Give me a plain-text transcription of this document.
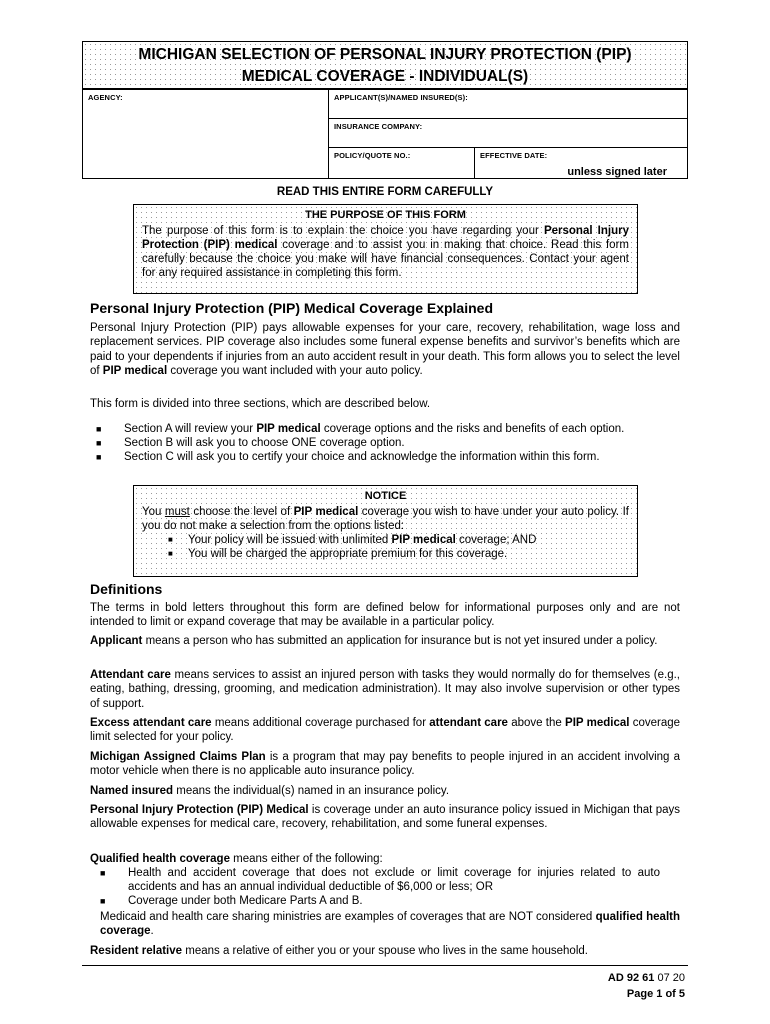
MICHIGAN SELECTION OF PERSONAL INJURY PROTECTION (PIP)
MEDICAL COVERAGE - INDIVIDUAL(S)
AGENCY:	APPLICANT(S)/NAMED INSURED(S):
INSURANCE COMPANY:
POLICY/QUOTE NO.:	EFFECTIVE DATE:
unless signed later
READ THIS ENTIRE FORM CAREFULLY
THE PURPOSE OF THIS FORM
The purpose of this form is to explain the choice you have regarding your Personal Injury Protection (PIP) medical coverage and to assist you in making that choice. Read this form carefully because the choice you make will have financial consequences. Contact your agent for any required assistance in completing this form.
Personal Injury Protection (PIP) Medical Coverage Explained
Personal Injury Protection (PIP) pays allowable expenses for your care, recovery, rehabilitation, wage loss and replacement services. PIP coverage also includes some funeral expense benefits and survivor’s benefits which are paid to your dependents if injuries from an auto accident result in your death. This form allows you to select the level of PIP medical coverage you want included with your auto policy.
This form is divided into three sections, which are described below.
■ Section A will review your PIP medical coverage options and the risks and benefits of each option.
■ Section B will ask you to choose ONE coverage option.
■ Section C will ask you to certify your choice and acknowledge the information within this form.
NOTICE
You must choose the level of PIP medical coverage you wish to have under your auto policy. If you do not make a selection from the options listed:
■ Your policy will be issued with unlimited PIP medical coverage; AND
■ You will be charged the appropriate premium for this coverage.
Definitions
The terms in bold letters throughout this form are defined below for informational purposes only and are not intended to limit or expand coverage that may be available in a particular policy.
Applicant means a person who has submitted an application for insurance but is not yet insured under a policy.
Attendant care means services to assist an injured person with tasks they would normally do for themselves (e.g., eating, bathing, dressing, grooming, and medication administration). It may also involve supervision or other types of support.
Excess attendant care means additional coverage purchased for attendant care above the PIP medical coverage limit selected for your policy.
Michigan Assigned Claims Plan is a program that may pay benefits to people injured in an accident involving a motor vehicle when there is no applicable auto insurance policy.
Named insured means the individual(s) named in an insurance policy.
Personal Injury Protection (PIP) Medical is coverage under an auto insurance policy issued in Michigan that pays allowable expenses for medical care, recovery, rehabilitation, and some funeral expenses.
Qualified health coverage means either of the following:
■ Health and accident coverage that does not exclude or limit coverage for injuries related to auto accidents and has an annual individual deductible of $6,000 or less; OR
■ Coverage under both Medicare Parts A and B.
Medicaid and health care sharing ministries are examples of coverages that are NOT considered qualified health coverage.
Resident relative means a relative of either you or your spouse who lives in the same household.
AD 92 61 07 20
Page 1 of 5
